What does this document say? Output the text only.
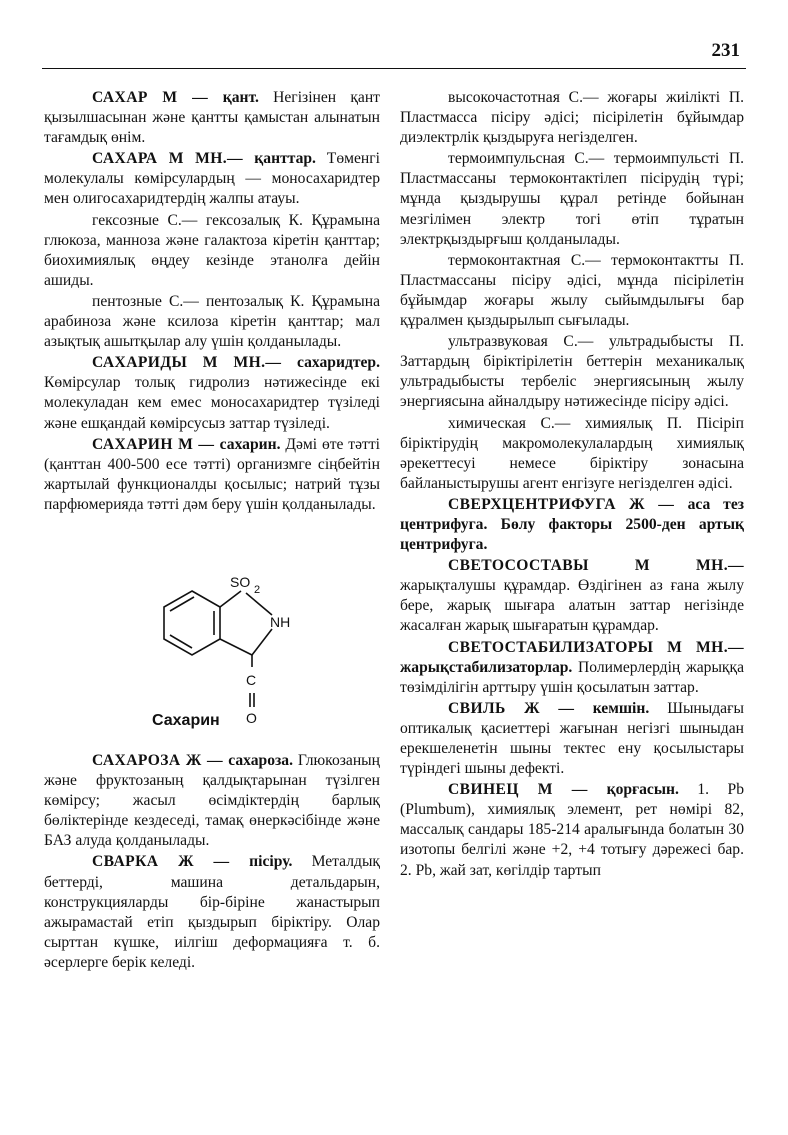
231

САХАР М — қант. Негізінен қант қызылшасынан және қантты қамыстан алынатын тағамдық өнім.

САХАРА М МН.— қанттар. Төменгі молекулалы көмірсулардың — моносахаридтер мен олигосахаридтердің жалпы атауы.

гексозные С.— гексозалық К. Құрамына глюкоза, манноза және галактоза кіретін қанттар; биохимиялық өңдеу кезінде этанолға дейін ашиды.

пентозные С.— пентозалық К. Құрамына арабиноза және ксилоза кіретін қанттар; мал азықтық ашытқылар алу үшін қолданылады.

САХАРИДЫ М МН.— сахаридтер. Көмірсулар толық гидролиз нәтижесінде екі молекуладан кем емес моносахаридтер түзіледі және ешқандай көмірсусыз заттар түзіледі.

САХАРИН М — сахарин. Дәмі өте тәтті (қанттан 400-500 есе тәтті) организмге сіңбейтін жартылай функционалды қосылыс; натрий тұзы парфюмерияда тәтті дәм беру үшін қолданылады.

SO 2
NH
C
O
Сахарин

САХАРОЗА Ж — сахароза. Глюкозаның және фруктозаның қалдықтарынан түзілген көмірсу; жасыл өсімдіктердің барлық бөліктерінде кездеседі, тамақ өнеркәсібінде және БАЗ алуда қолданылады.

СВАРКА Ж — пісіру. Металдық беттерді, машина детальдарын, конструкцияларды бір-біріне жанастырып ажырамастай етіп қыздырып біріктіру. Олар сырттан күшке, иілгіш деформацияға т. б. әсерлерге берік келеді.

высокочастотная С.— жоғары жиілікті П. Пластмасса пісіру әдісі; пісірілетін бұйымдар диэлектрлік қыздыруға негізделген.

термоимпульсная С.— термоимпульсті П. Пластмассаны термоконтактілеп пісірудің түрі; мұнда қыздырушы құрал ретінде бойынан мезгілімен электр тогі өтіп тұратын электрқыздырғыш қолданылады.

термоконтактная С.— термоконтактты П. Пластмассаны пісіру әдісі, мұнда пісірілетін бұйымдар жоғары жылу сыйымдылығы бар құралмен қыздырылып сығылады.

ультразвуковая С.— ультрадыбысты П. Заттардың біріктірілетін беттерін механикалық ультрадыбысты тербеліс энергиясының жылу энергиясына айналдыру нәтижесінде пісіру әдісі.

химическая С.— химиялық П. Пісіріп біріктірудің макромолекулалардың химиялық әрекеттесуі немесе біріктіру зонасына байланыстырушы агент енгізуге негізделген әдісі.

СВЕРХЦЕНТРИФУГА Ж — аса тез центрифуга. Бөлу факторы 2500-ден артық центрифуга.

СВЕТОСОСТАВЫ М МН.— жарықталушы құрамдар. Өздігінен аз ғана жылу бере, жарық шығара алатын заттар негізінде жасалған жарық шығаратын құрамдар.

СВЕТОСТАБИЛИЗАТОРЫ М МН.— жарықстабилизаторлар. Полимерлердің жарыққа төзімділігін арттыру үшін қосылатын заттар.

СВИЛЬ Ж — кемшін. Шыныдағы оптикалық қасиеттері жағынан негізгі шыныдан ерекшеленетін шыны тектес ену қосылыстары түріндегі шыны дефекті.

СВИНЕЦ М — қорғасын. 1. Pb (Plumbum), химиялық элемент, рет нөмірі 82, массалық сандары 185-214 аралығында болатын 30 изотопы белгілі және +2, +4 тотығу дәрежесі бар. 2. Pb, жай зат, көгілдір тартып
